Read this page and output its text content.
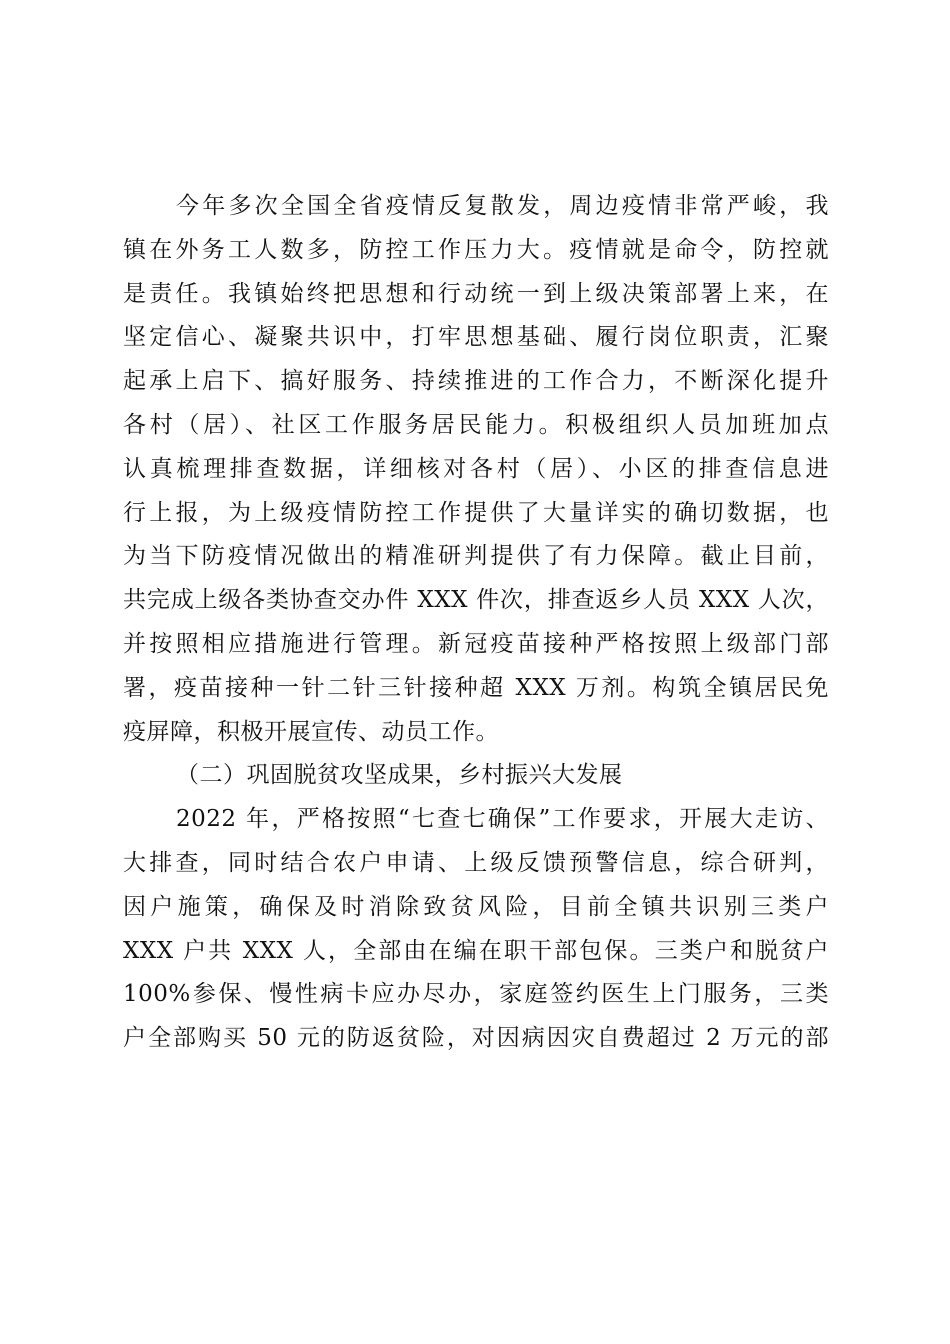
今年多次全国全省疫情反复散发，周边疫情非常严峻，我
镇在外务工人数多，防控工作压力大。疫情就是命令，防控就
是责任。我镇始终把思想和行动统一到上级决策部署上来，在
坚定信心、凝聚共识中，打牢思想基础、履行岗位职责，汇聚
起承上启下、搞好服务、持续推进的工作合力，不断深化提升
各村（居）、社区工作服务居民能力。积极组织人员加班加点
认真梳理排查数据，详细核对各村（居）、小区的排查信息进
行上报，为上级疫情防控工作提供了大量详实的确切数据，也
为当下防疫情况做出的精准研判提供了有力保障。截止目前，
共完成上级各类协查交办件 XXX 件次，排查返乡人员 XXX 人次，
并按照相应措施进行管理。新冠疫苗接种严格按照上级部门部
署，疫苗接种一针二针三针接种超 XXX 万剂。构筑全镇居民免
疫屏障，积极开展宣传、动员工作。
（二）巩固脱贫攻坚成果，乡村振兴大发展
2022 年，严格按照“七查七确保”工作要求，开展大走访、
大排查，同时结合农户申请、上级反馈预警信息，综合研判，
因户施策，确保及时消除致贫风险，目前全镇共识别三类户
XXX 户共 XXX 人，全部由在编在职干部包保。三类户和脱贫户
100%参保、慢性病卡应办尽办，家庭签约医生上门服务，三类
户全部购买 50 元的防返贫险，对因病因灾自费超过 2 万元的部
